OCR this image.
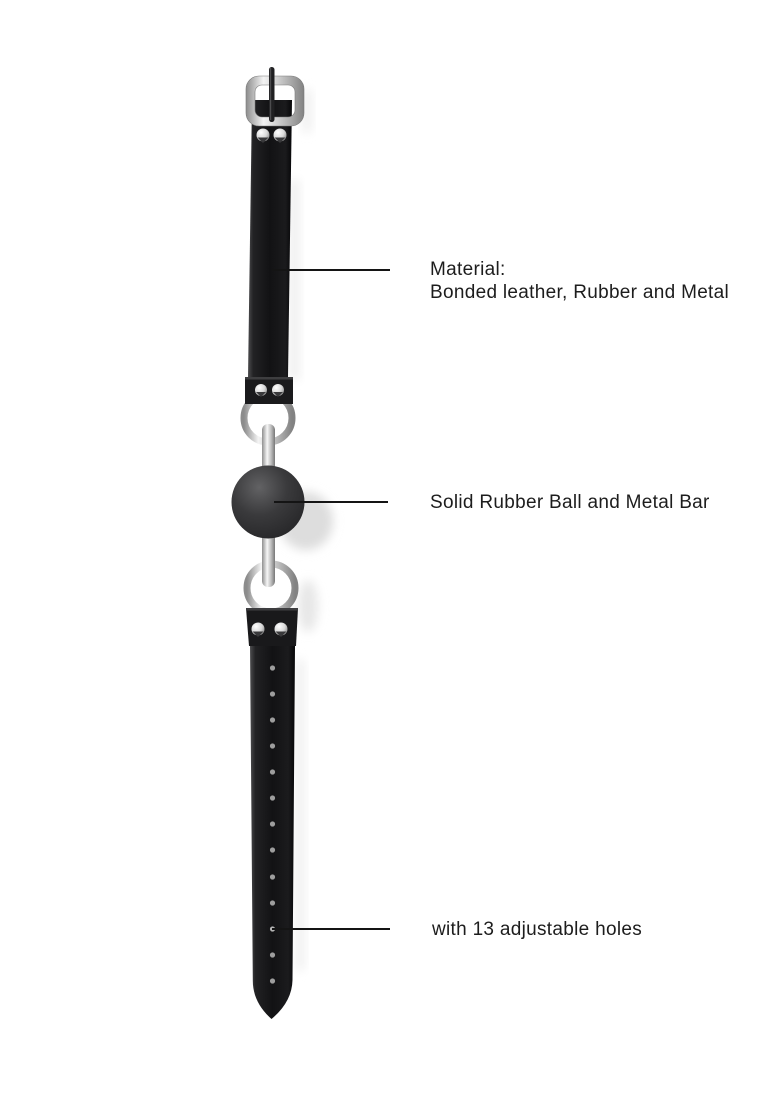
Material:
Bonded leather, Rubber and Metal
Solid Rubber Ball and Metal Bar
with 13 adjustable holes
